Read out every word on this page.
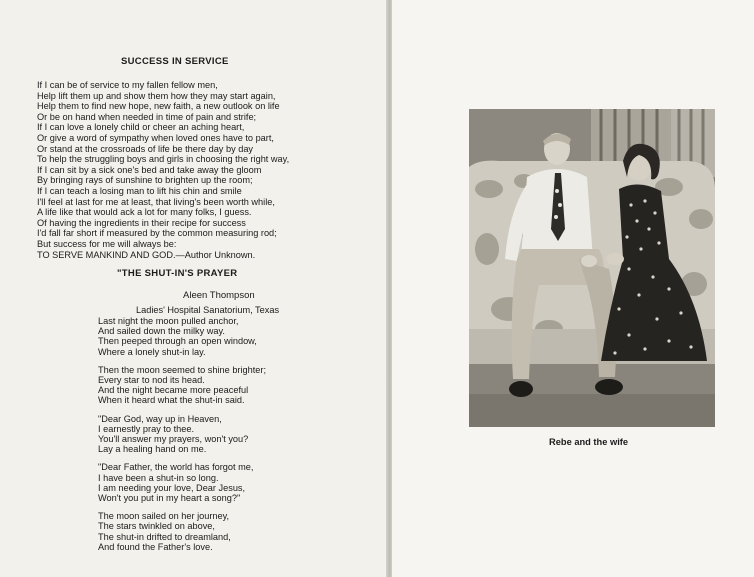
SUCCESS IN SERVICE
If I can be of service to my fallen fellow men,
Help lift them up and show them how they may start again,
Help them to find new hope, new faith, a new outlook on life
Or be on hand when needed in time of pain and strife;
If I can love a lonely child or cheer an aching heart,
Or give a word of sympathy when loved ones have to part,
Or stand at the crossroads of life be there day by day
To help the struggling boys and girls in choosing the right way,
If I can sit by a sick one's bed and take away the gloom
By bringing rays of sunshine to brighten up the room;
If I can teach a losing man to lift his chin and smile
I'll feel at last for me at least, that living's been worth while,
A life like that would ack a lot for many folks, I guess.
Of having the ingredients in their recipe for success
I'd fall far short if measured by the common measuring rod;
But success for me will always be:
TO SERVE MANKIND AND GOD.—Author Unknown.
"THE SHUT-IN'S PRAYER
Aleen Thompson
Ladies' Hospital Sanatorium, Texas
Last night the moon pulled anchor,
And sailed down the milky way.
Then peeped through an open window,
Where a lonely shut-in lay.
Then the moon seemed to shine brighter;
Every star to nod its head.
And the night became more peaceful
When it heard what the shut-in said.
"Dear God, way up in Heaven,
I earnestly pray to thee.
You'll answer my prayers, won't you?
Lay a healing hand on me.
"Dear Father, the world has forgot me,
I have been a shut-in so long.
I am needing your love, Dear Jesus,
Won't you put in my heart a song?"
The moon sailed on her journey,
The stars twinkled on above,
The shut-in drifted to dreamland,
And found the Father's love.
Rebe and the wife
